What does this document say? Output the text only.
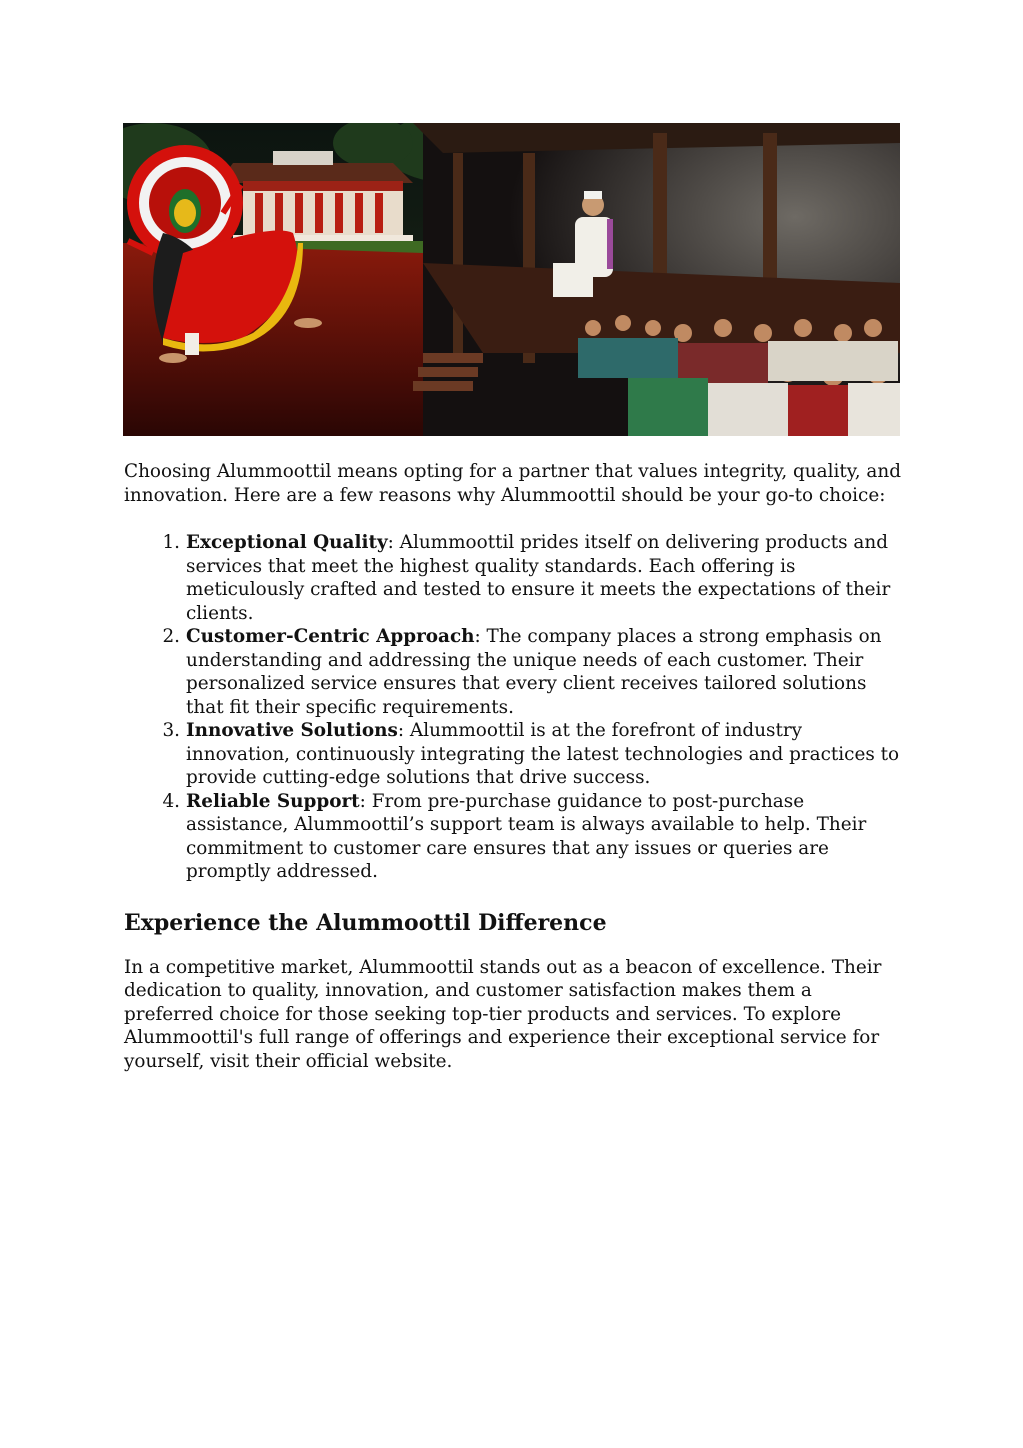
Choosing Alummoottil means opting for a partner that values integrity, quality, and innovation. Here are a few reasons why Alummoottil should be your go-to choice:

1. Exceptional Quality: Alummoottil prides itself on delivering products and services that meet the highest quality standards. Each offering is meticulously crafted and tested to ensure it meets the expectations of their clients.
2. Customer-Centric Approach: The company places a strong emphasis on understanding and addressing the unique needs of each customer. Their personalized service ensures that every client receives tailored solutions that fit their specific requirements.
3. Innovative Solutions: Alummoottil is at the forefront of industry innovation, continuously integrating the latest technologies and practices to provide cutting-edge solutions that drive success.
4. Reliable Support: From pre-purchase guidance to post-purchase assistance, Alummoottil’s support team is always available to help. Their commitment to customer care ensures that any issues or queries are promptly addressed.
Experience the Alummoottil Difference

In a competitive market, Alummoottil stands out as a beacon of excellence. Their dedication to quality, innovation, and customer satisfaction makes them a preferred choice for those seeking top-tier products and services. To explore Alummoottil's full range of offerings and experience their exceptional service for yourself, visit their official website.
